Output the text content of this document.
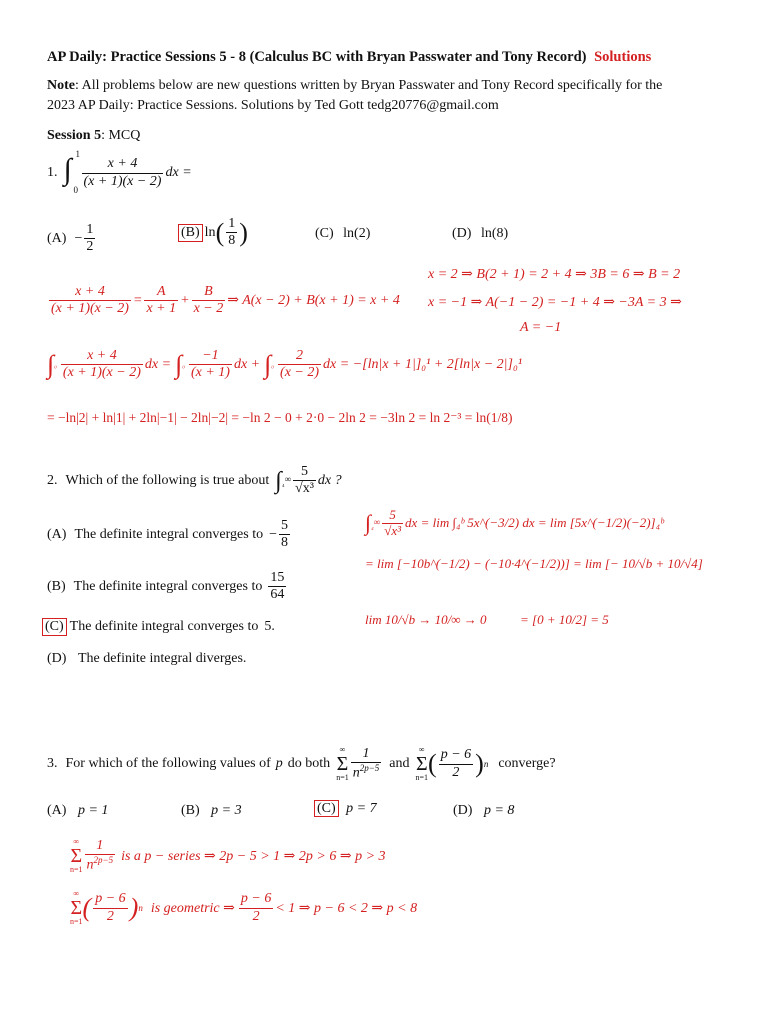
AP Daily: Practice Sessions 5 - 8 (Calculus BC with Bryan Passwater and Tony Record) Solutions
Note: All problems below are new questions written by Bryan Passwater and Tony Record specifically for the
2023 AP Daily: Practice Sessions. Solutions by Ted Gott tedg20776@gmail.com
Session 5: MCQ
1. ∫ 1
0
$\frac{x + 4}{(x + 1)(x - 2)}$ dx =
$(A) - \frac{1}{2}$	(B) ln ( $\frac{1}{8}$ )	(C) ln(2)	(D) ln(8)
x = 2 ⇒ B(2 + 1) = 2 + 4 ⇒ 3B = 6 ⇒ B = 2
x = −1 ⇒ A(−1 − 2) = −1 + 4 ⇒ −3A = 3 ⇒
A = −1
$\frac{x + 4}{(x + 1)(x - 2)} = \frac{A}{x + 1} + \frac{B}{x - 2}$ ⇒ A(x − 2) + B(x + 1) = x + 4
∫ $_0 \frac{x + 4}{(x + 1)(x - 2)}$ dx = ∫ $_0 \frac{-1}{(x + 1)}$ dx + ∫ $_0 \frac{2}{(x - 2)}$ dx = −[ln|x + 1|]₀¹ + 2[ln|x − 2|]₀¹
= −ln|2| + ln|1| + 2ln|−1| − 2ln|−2| = −ln 2 − 0 + 2·0 − 2ln 2 = −3ln 2 = ln 2⁻³ = ln(1/8)
2. Which of the following is true about ∫ $_4^\infty \frac{5}{\text{√x³}}$ dx ?
(A) The definite integral converges to − $\frac{5}{8}$
(B) The definite integral converges to $\frac{15}{64}$
(C) The definite integral converges to 5.
(D) The definite integral diverges.
∫ $_4^\infty \frac{5}{\text{√x³}}$ dx = lim ∫₄ᵇ 5x^(−3/2) dx = lim [5x^(−1/2)(−2)]₄ᵇ
= lim [−10b^(−1/2) − (−10·4^(−1/2))] = lim [− 10/√b + 10/√4]
lim 10/√b → 10/∞ → 0	= [0 + 10/2] = 5
3. For which of the following values of p do both
∞
Σ
$n=1 \frac{1}{n^{2p-5}}$ and
∞
Σ
n=1 ( $\frac{p - 6}{2}$ ) n converge?
(A) p = 1	(B) p = 3	(C) p = 7	(D) p = 8
∞
Σ
$n=1 \frac{1}{n^{2p-5}}$ is a p − series ⇒ 2p − 5 > 1 ⇒ 2p > 6 ⇒ p > 3
∞
Σ
n=1 ( $\frac{p - 6}{2}$ ) n is geometric ⇒ $\frac{p - 6}{2} < 1$ ⇒ p − 6 < 2 ⇒ p < 8
